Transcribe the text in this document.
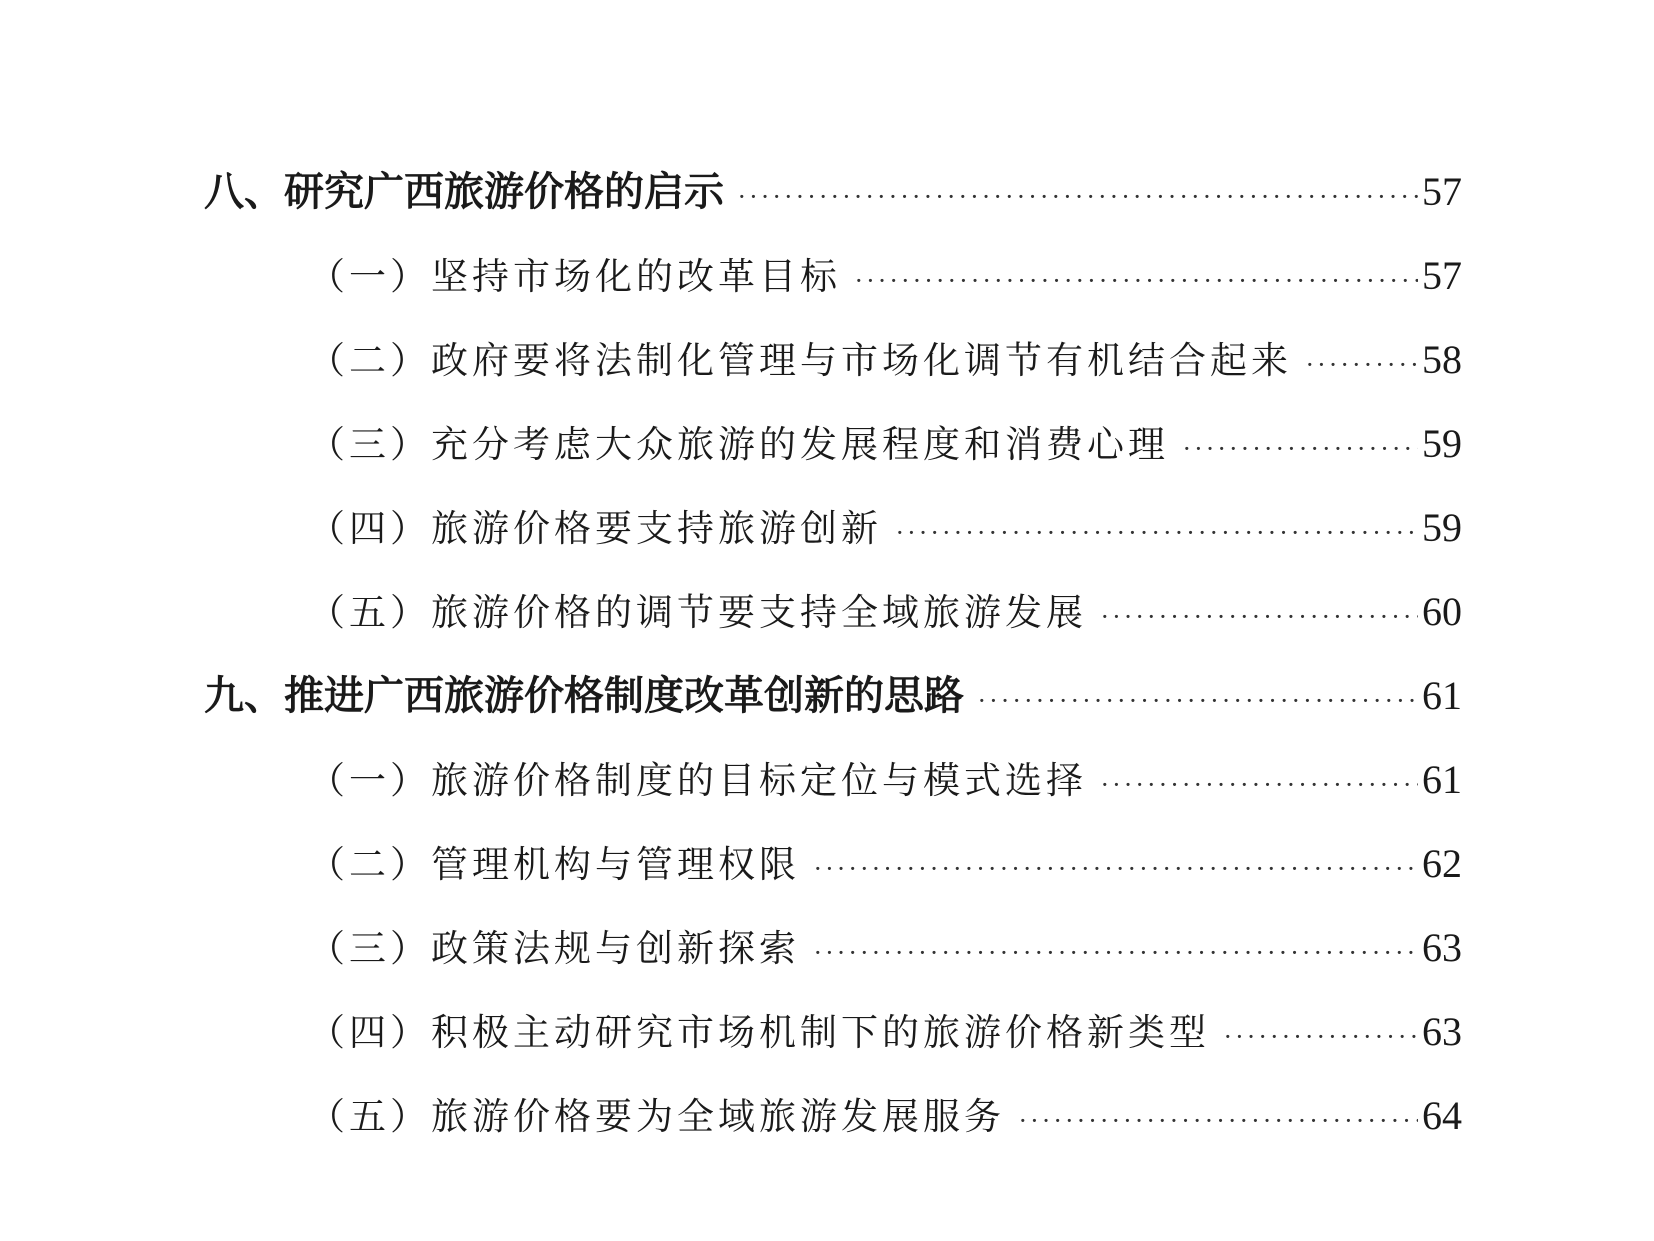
八、研究广西旅游价格的启示 ·····	57
（一）坚持市场化的改革目标 ·····	57
（二）政府要将法制化管理与市场化调节有机结合起来 ·····	58
（三）充分考虑大众旅游的发展程度和消费心理 ·····	59
（四）旅游价格要支持旅游创新 ·····	59
（五）旅游价格的调节要支持全域旅游发展 ·····	60
九、推进广西旅游价格制度改革创新的思路 ·····	61
（一）旅游价格制度的目标定位与模式选择 ·····	61
（二）管理机构与管理权限 ·····	62
（三）政策法规与创新探索 ·····	63
（四）积极主动研究市场机制下的旅游价格新类型 ·····	63
（五）旅游价格要为全域旅游发展服务 ·····	64
